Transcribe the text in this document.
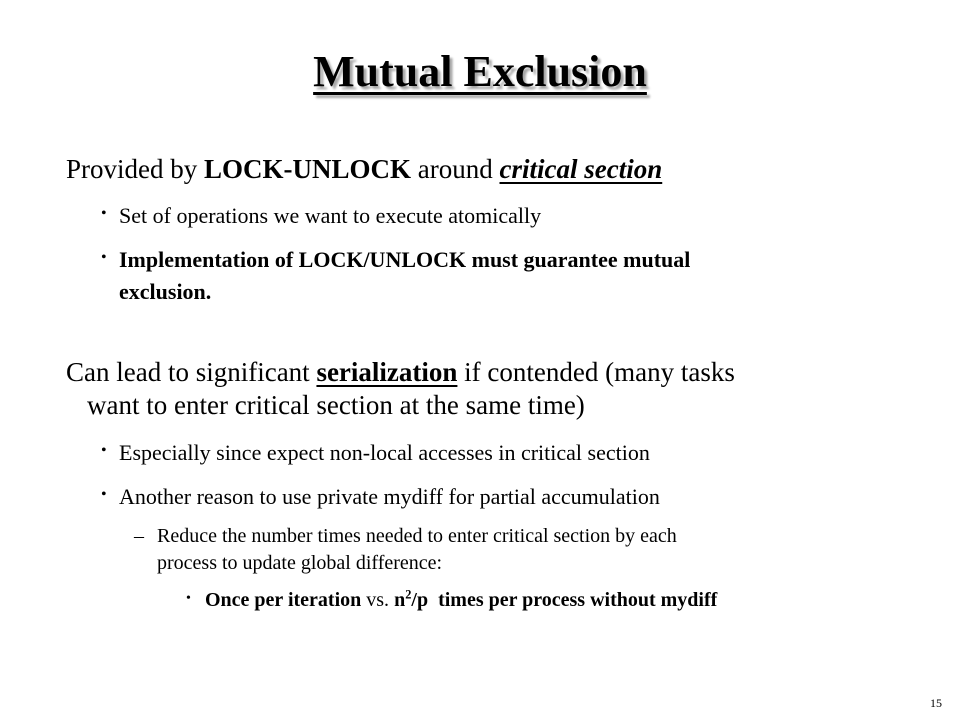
Mutual Exclusion
Provided by LOCK-UNLOCK around critical section
• Set of operations we want to execute atomically
• Implementation of LOCK/UNLOCK must guarantee mutual
exclusion.
Can lead to significant serialization if contended (many tasks
want to enter critical section at the same time)
• Especially since expect non-local accesses in critical section
• Another reason to use private mydiff for partial accumulation
– Reduce the number times needed to enter critical section by each
process to update global difference:
• Once per iteration vs. $n^2/p$  times per process without mydiff
15
